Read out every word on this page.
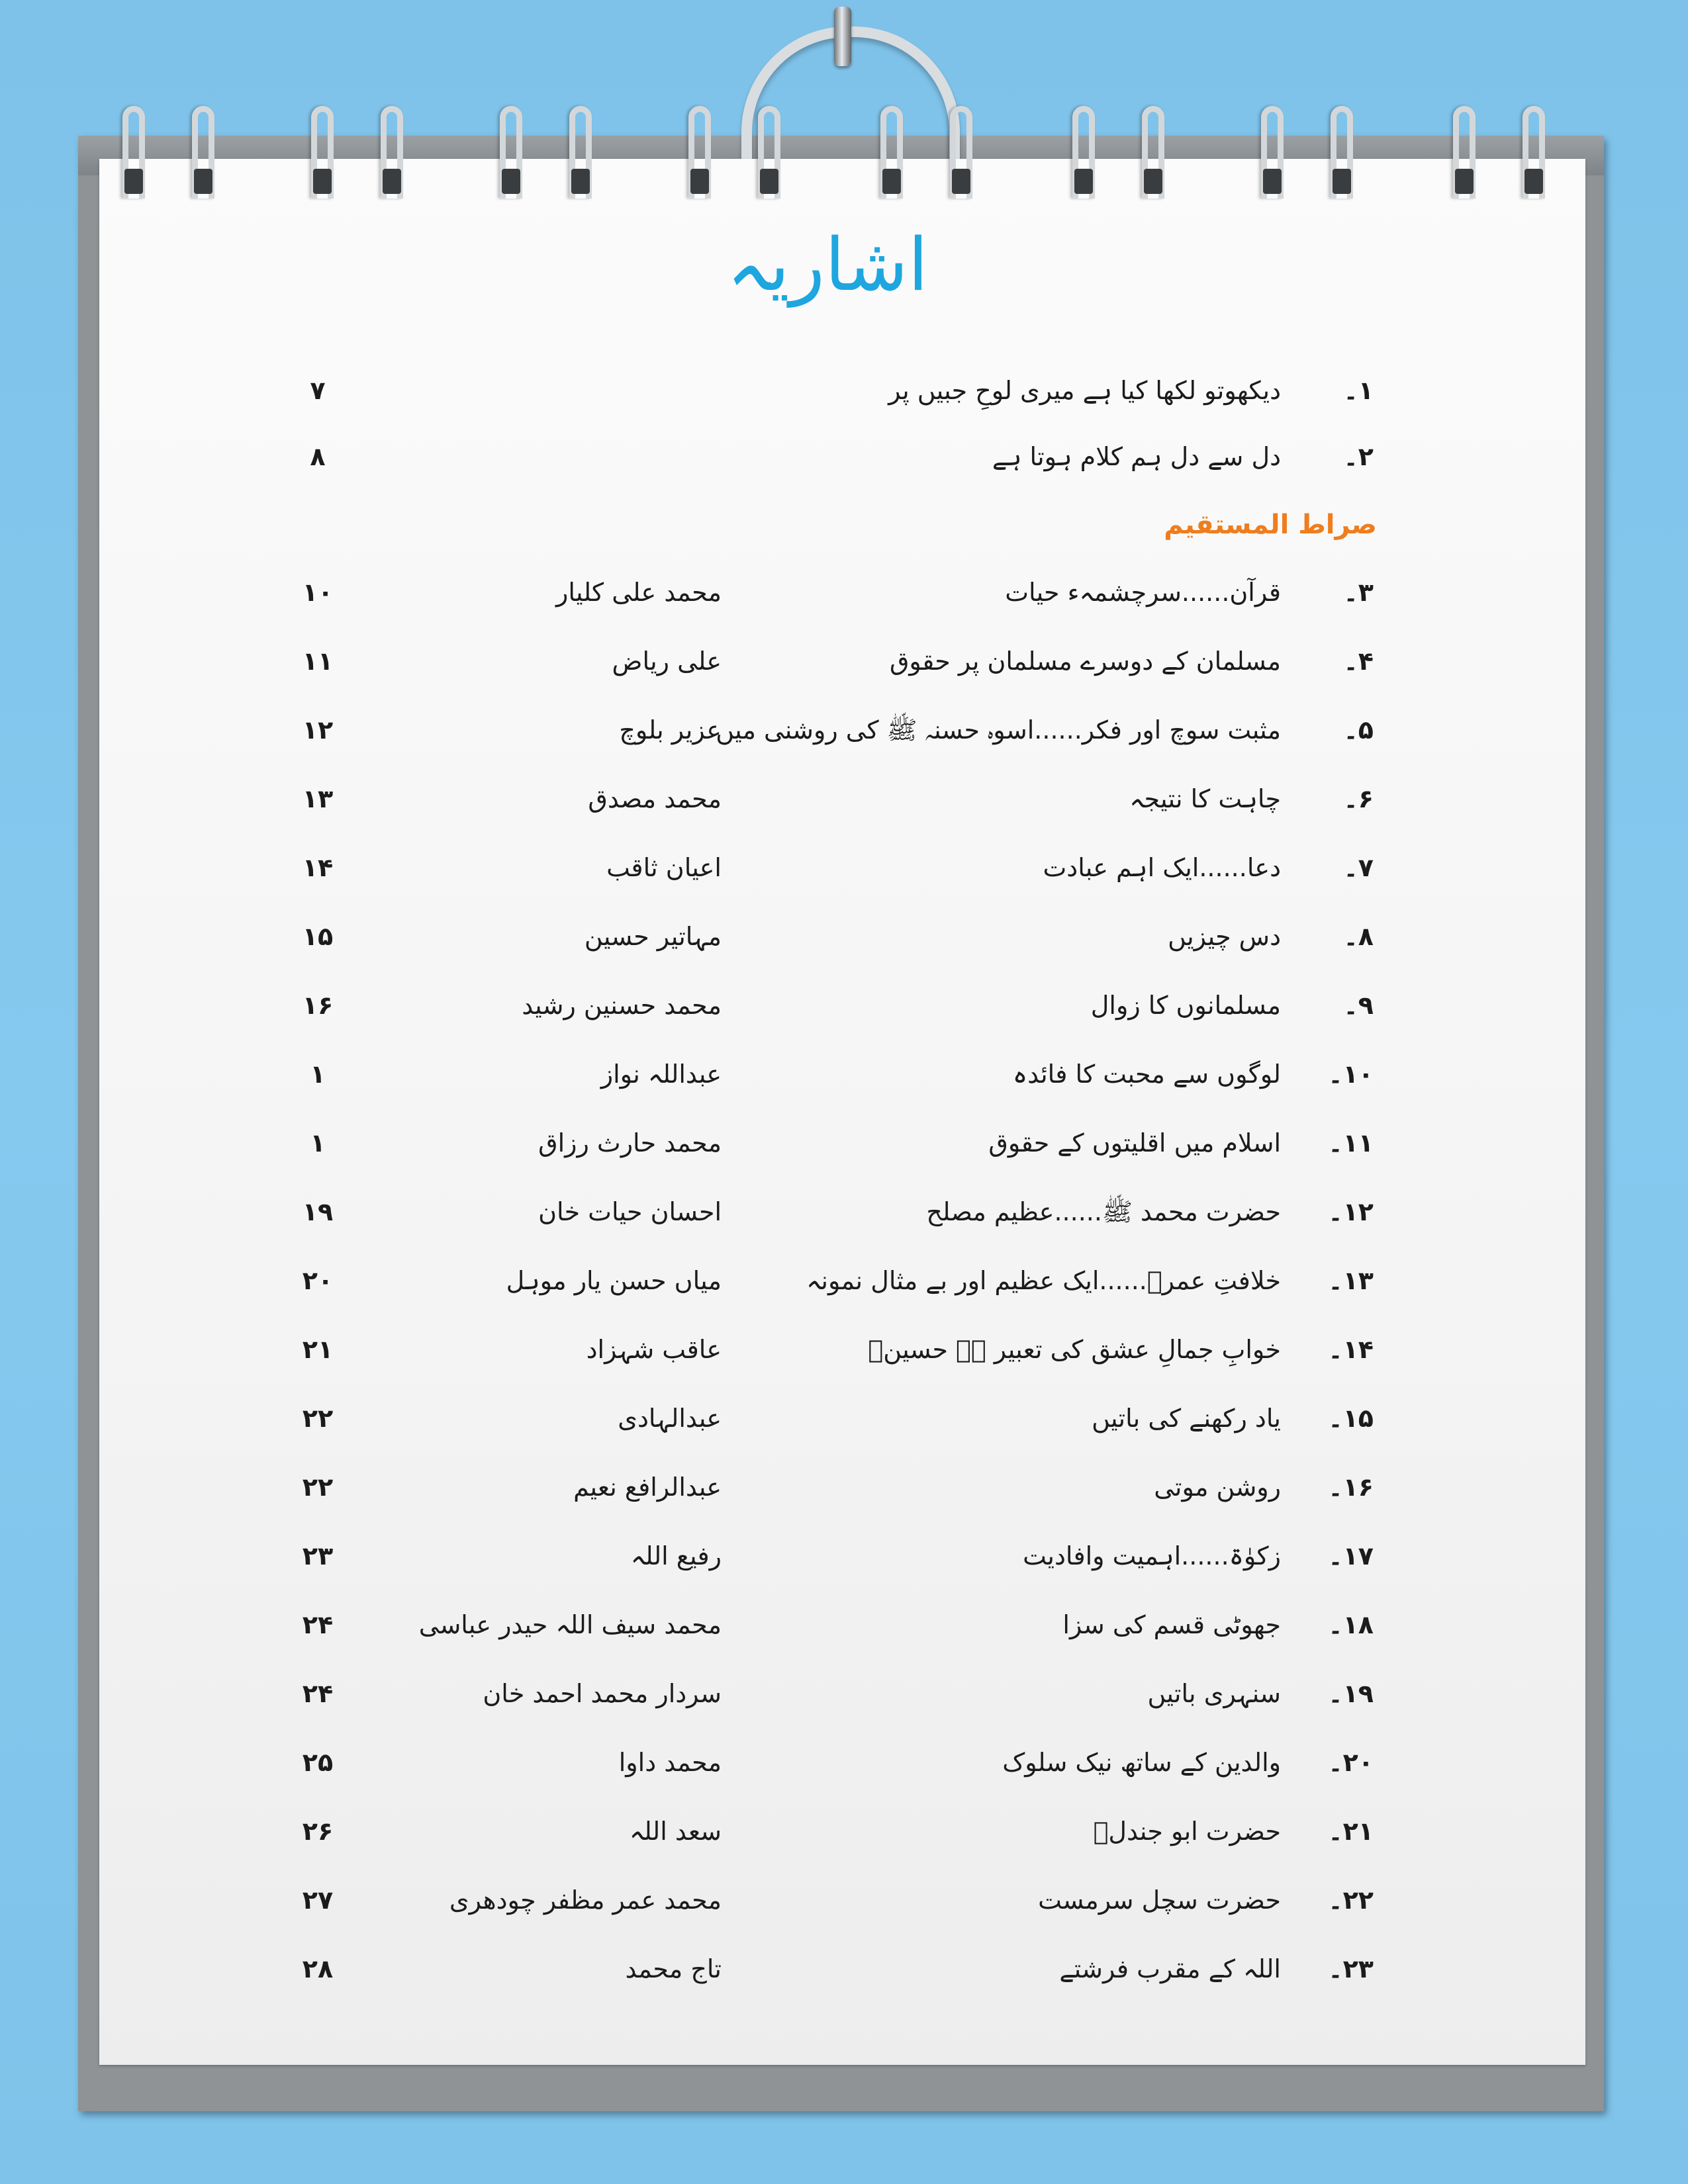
اشاریہ
صراط المستقیم
۱۔
دیکھوتو لکھا کیا ہے میری لوحِ جبیں پر
۷
۲۔
دل سے دل ہم کلام ہوتا ہے
۸
۳۔
قرآن......سرچشمہء حیات
محمد علی کلیار
۱۰
۴۔
مسلمان کے دوسرے مسلمان پر حقوق
علی ریاض
۱۱
۵۔
مثبت سوچ اور فکر......اسوہ حسنہ ﷺ کی روشنی میں
عزیر بلوچ
۱۲
۶۔
چاہت کا نتیجہ
محمد مصدق
۱۳
۷۔
دعا......ایک اہم عبادت
اعیان ثاقب
۱۴
۸۔
دس چیزیں
مہاتیر حسین
۱۵
۹۔
مسلمانوں کا زوال
محمد حسنین رشید
۱۶
۱۰۔
لوگوں سے محبت کا فائدہ
عبداللہ نواز
۱
۱۱۔
اسلام میں اقلیتوں کے حقوق
محمد حارث رزاق
۱
۱۲۔
حضرت محمد ﷺ......عظیم مصلح
احسان حیات خان
۱۹
۱۳۔
خلافتِ عمرؓ......ایک عظیم اور بے مثال نمونہ
میاں حسن یار موہل
۲۰
۱۴۔
خوابِ جمالِ عشق کی تعبیر ہے حسینؓ
عاقب شہزاد
۲۱
۱۵۔
یاد رکھنے کی باتیں
عبدالہادی
۲۲
۱۶۔
روشن موتی
عبدالرافع نعیم
۲۲
۱۷۔
زکوٰۃ......اہمیت وافادیت
رفیع اللہ
۲۳
۱۸۔
جھوٹی قسم کی سزا
محمد سیف اللہ حیدر عباسی
۲۴
۱۹۔
سنہری باتیں
سردار محمد احمد خان
۲۴
۲۰۔
والدین کے ساتھ نیک سلوک
محمد داوا
۲۵
۲۱۔
حضرت ابو جندلؓ
سعد اللہ
۲۶
۲۲۔
حضرت سچل سرمست
محمد عمر مظفر چودھری
۲۷
۲۳۔
اللہ کے مقرب فرشتے
تاج محمد
۲۸
